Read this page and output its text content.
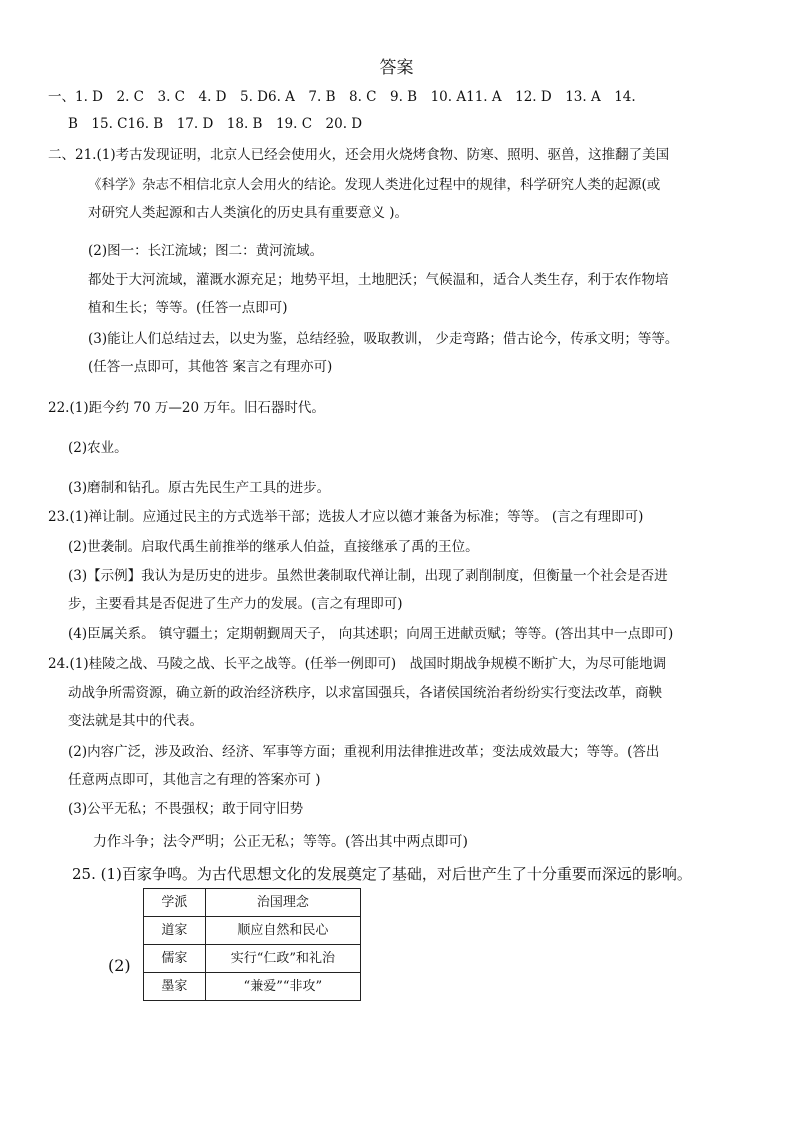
答案
一、1. D　2. C　3. C　4. D　5. D6. A　7. B　8. C　9. B　10. A11. A　12. D　13. A　14.
B　15. C16. B　17. D　18. B　19. C　20. D
二、21.(1)考古发现证明，北京人已经会使用火，还会用火烧烤食物、防寒、照明、驱兽，这推翻了美国
《科学》杂志不相信北京人会用火的结论。发现人类进化过程中的规律，科学研究人类的起源(或
对研究人类起源和古人类演化的历史具有重要意义 )。
(2)图一：长江流域；图二：黄河流域。
都处于大河流域，灌溉水源充足；地势平坦，土地肥沃；气候温和，适合人类生存，利于农作物培
植和生长；等等。(任答一点即可)
(3)能让人们总结过去，以史为鉴，总结经验，吸取教训， 少走弯路；借古论今，传承文明；等等。
(任答一点即可，其他答 案言之有理亦可)
22.(1)距今约 70 万—20 万年。旧石器时代。
(2)农业。
(3)磨制和钻孔。原古先民生产工具的进步。
23.(1)禅让制。应通过民主的方式选举干部；选拔人才应以德才兼备为标准；等等。 (言之有理即可)
(2)世袭制。启取代禹生前推举的继承人伯益，直接继承了禹的王位。
(3)【示例】我认为是历史的进步。虽然世袭制取代禅让制，出现了剥削制度，但衡量一个社会是否进
步，主要看其是否促进了生产力的发展。(言之有理即可)
(4)臣属关系。 镇守疆土；定期朝觐周天子， 向其述职；向周王进献贡赋；等等。(答出其中一点即可)
24.(1)桂陵之战、马陵之战、长平之战等。(任举一例即可)　战国时期战争规模不断扩大，为尽可能地调
动战争所需资源，确立新的政治经济秩序，以求富国强兵，各诸侯国统治者纷纷实行变法改革，商鞅
变法就是其中的代表。
(2)内容广泛，涉及政治、经济、军事等方面；重视利用法律推进改革；变法成效最大；等等。(答出
任意两点即可，其他言之有理的答案亦可 )
(3)公平无私；不畏强权；敢于同守旧势
力作斗争；法令严明；公正无私；等等。(答出其中两点即可)
25. (1)百家争鸣。为古代思想文化的发展奠定了基础，对后世产生了十分重要而深远的影响。
(2)
学派	治国理念
道家	顺应自然和民心
儒家	实行“仁政”和礼治
墨家	“兼爱”“非攻”
